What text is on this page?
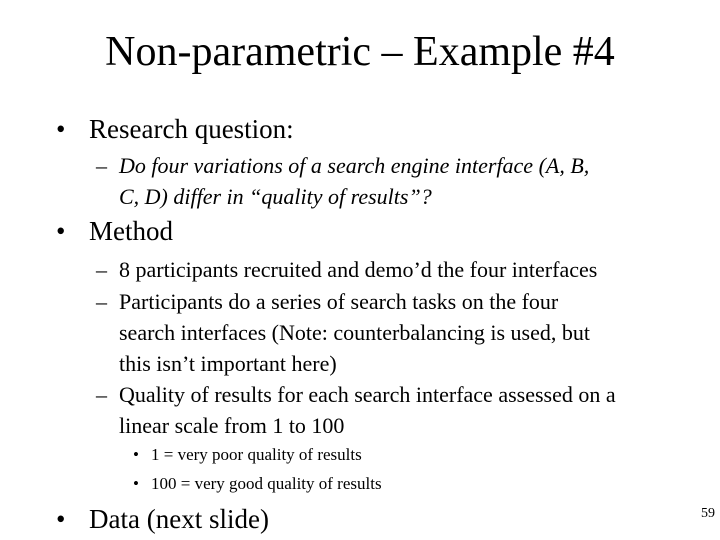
Non-parametric – Example #4
• Research question:
– Do four variations of a search engine interface (A, B,
C, D) differ in “quality of results”?
• Method
– 8 participants recruited and demo’d the four interfaces
– Participants do a series of search tasks on the four
search interfaces (Note: counterbalancing is used, but
this isn’t important here)
– Quality of results for each search interface assessed on a
linear scale from 1 to 100
• 1 = very poor quality of results
• 100 = very good quality of results
• Data (next slide)	59
